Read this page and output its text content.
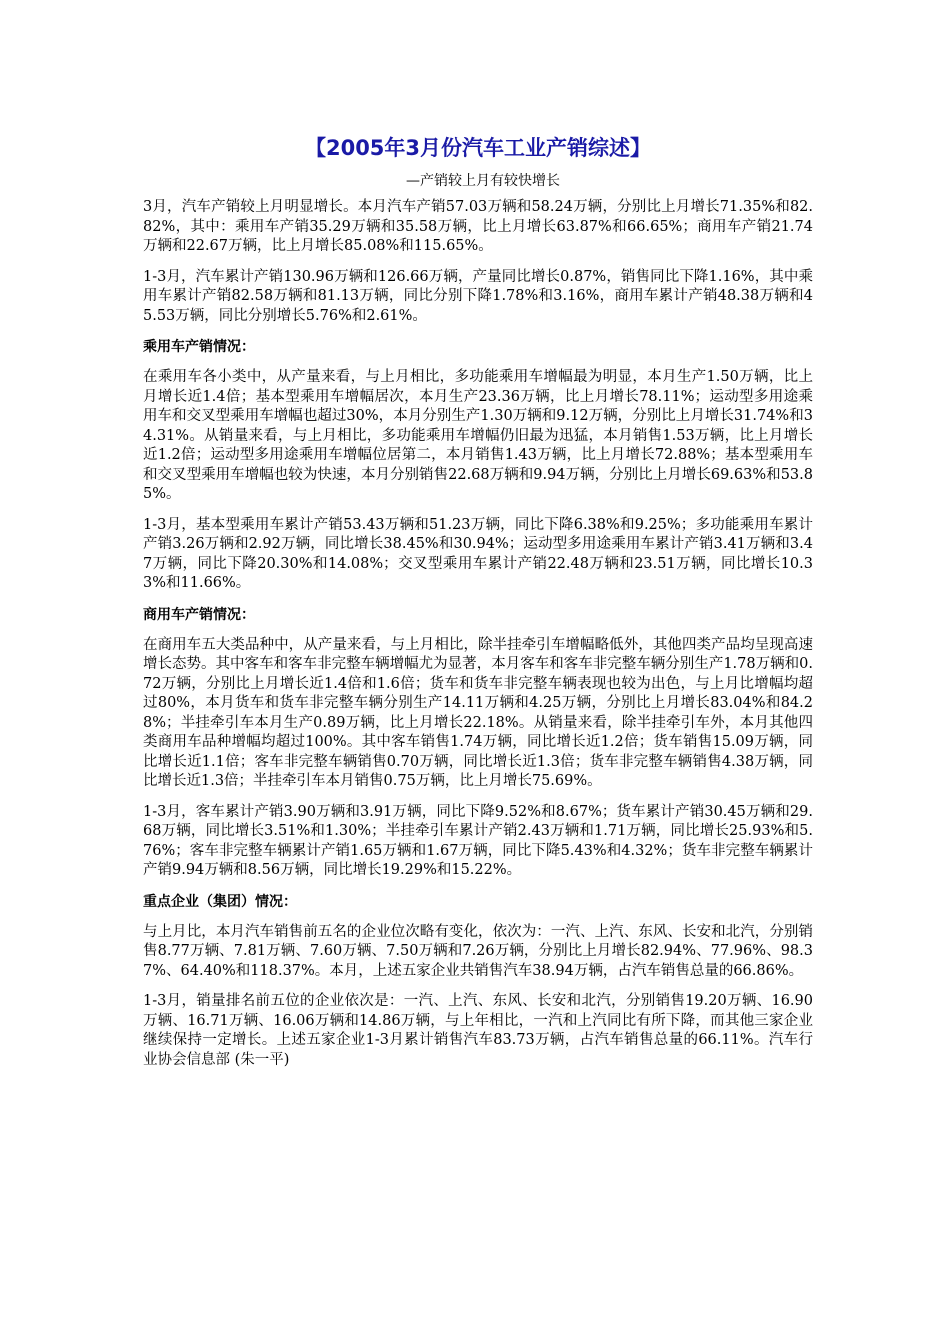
【2005年3月份汽车工业产销综述】
—产销较上月有较快增长

3月，汽车产销较上月明显增长。本月汽车产销57.03万辆和58.24万辆，分别比上月增长71.35%和82.82%，其中：乘用车产销35.29万辆和35.58万辆，比上月增长63.87%和66.65%；商用车产销21.74万辆和22.67万辆，比上月增长85.08%和115.65%。

1-3月，汽车累计产销130.96万辆和126.66万辆，产量同比增长0.87%，销售同比下降1.16%，其中乘用车累计产销82.58万辆和81.13万辆，同比分别下降1.78%和3.16%，商用车累计产销48.38万辆和45.53万辆，同比分别增长5.76%和2.61%。

乘用车产销情况：

在乘用车各小类中，从产量来看，与上月相比，多功能乘用车增幅最为明显，本月生产1.50万辆，比上月增长近1.4倍；基本型乘用车增幅居次，本月生产23.36万辆，比上月增长78.11%；运动型多用途乘用车和交叉型乘用车增幅也超过30%，本月分别生产1.30万辆和9.12万辆，分别比上月增长31.74%和34.31%。从销量来看，与上月相比，多功能乘用车增幅仍旧最为迅猛，本月销售1.53万辆，比上月增长近1.2倍；运动型多用途乘用车增幅位居第二，本月销售1.43万辆，比上月增长72.88%；基本型乘用车和交叉型乘用车增幅也较为快速，本月分别销售22.68万辆和9.94万辆，分别比上月增长69.63%和53.85%。

1-3月，基本型乘用车累计产销53.43万辆和51.23万辆，同比下降6.38%和9.25%；多功能乘用车累计产销3.26万辆和2.92万辆，同比增长38.45%和30.94%；运动型多用途乘用车累计产销3.41万辆和3.47万辆，同比下降20.30%和14.08%；交叉型乘用车累计产销22.48万辆和23.51万辆，同比增长10.33%和11.66%。

商用车产销情况：

在商用车五大类品种中，从产量来看，与上月相比，除半挂牵引车增幅略低外，其他四类产品均呈现高速增长态势。其中客车和客车非完整车辆增幅尤为显著，本月客车和客车非完整车辆分别生产1.78万辆和0.72万辆，分别比上月增长近1.4倍和1.6倍；货车和货车非完整车辆表现也较为出色，与上月比增幅均超过80%，本月货车和货车非完整车辆分别生产14.11万辆和4.25万辆，分别比上月增长83.04%和84.28%；半挂牵引车本月生产0.89万辆，比上月增长22.18%。从销量来看，除半挂牵引车外，本月其他四类商用车品种增幅均超过100%。其中客车销售1.74万辆，同比增长近1.2倍；货车销售15.09万辆，同比增长近1.1倍；客车非完整车辆销售0.70万辆，同比增长近1.3倍；货车非完整车辆销售4.38万辆，同比增长近1.3倍；半挂牵引车本月销售0.75万辆，比上月增长75.69%。

1-3月，客车累计产销3.90万辆和3.91万辆，同比下降9.52%和8.67%；货车累计产销30.45万辆和29.68万辆，同比增长3.51%和1.30%；半挂牵引车累计产销2.43万辆和1.71万辆，同比增长25.93%和5.76%；客车非完整车辆累计产销1.65万辆和1.67万辆，同比下降5.43%和4.32%；货车非完整车辆累计产销9.94万辆和8.56万辆，同比增长19.29%和15.22%。

重点企业（集团）情况：

与上月比，本月汽车销售前五名的企业位次略有变化，依次为：一汽、上汽、东风、长安和北汽，分别销售8.77万辆、7.81万辆、7.60万辆、7.50万辆和7.26万辆，分别比上月增长82.94%、77.96%、98.37%、64.40%和118.37%。本月，上述五家企业共销售汽车38.94万辆，占汽车销售总量的66.86%。

1-3月，销量排名前五位的企业依次是：一汽、上汽、东风、长安和北汽，分别销售19.20万辆、16.90万辆、16.71万辆、16.06万辆和14.86万辆，与上年相比，一汽和上汽同比有所下降，而其他三家企业继续保持一定增长。上述五家企业1-3月累计销售汽车83.73万辆，占汽车销售总量的66.11%。汽车行业协会信息部 (朱一平)
